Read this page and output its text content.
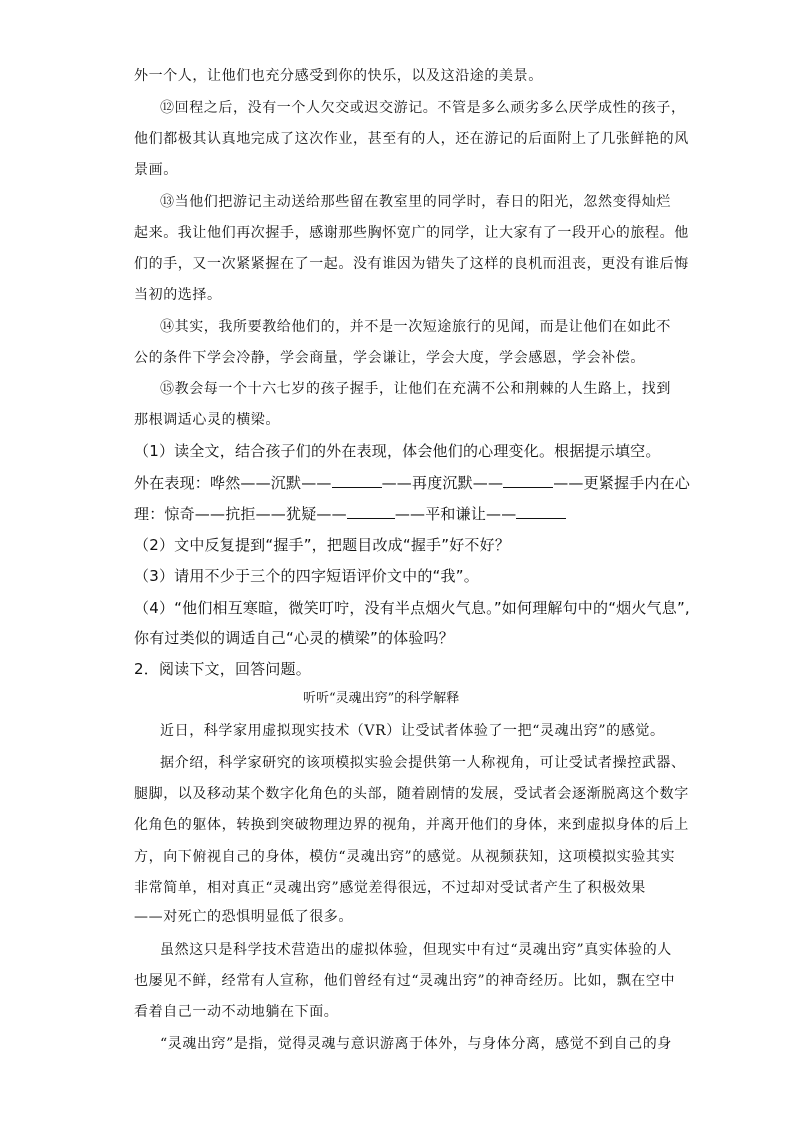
外一个人，让他们也充分感受到你的快乐，以及这沿途的美景。
⑫回程之后，没有一个人欠交或迟交游记。不管是多么顽劣多么厌学成性的孩子，
他们都极其认真地完成了这次作业，甚至有的人，还在游记的后面附上了几张鲜艳的风
景画。
⑬当他们把游记主动送给那些留在教室里的同学时，春日的阳光，忽然变得灿烂
起来。我让他们再次握手，感谢那些胸怀宽广的同学，让大家有了一段开心的旅程。他
们的手，又一次紧紧握在了一起。没有谁因为错失了这样的良机而沮丧，更没有谁后悔
当初的选择。
⑭其实，我所要教给他们的，并不是一次短途旅行的见闻，而是让他们在如此不
公的条件下学会冷静，学会商量，学会谦让，学会大度，学会感恩，学会补偿。
⑮教会每一个十六七岁的孩子握手，让他们在充满不公和荆棘的人生路上，找到
那根调适心灵的横梁。
（1）读全文，结合孩子们的外在表现，体会他们的心理变化。根据提示填空。
外在表现：哗然——沉默——	——再度沉默——	——更紧握手内在心
理：惊奇——抗拒——犹疑——	——平和谦让——
（2）文中反复提到“握手”，把题目改成“握手”好不好？
（3）请用不少于三个的四字短语评价文中的“我”。
（4）“他们相互寒暄，微笑叮咛，没有半点烟火气息。”如何理解句中的“烟火气息”,
你有过类似的调适自己“心灵的横梁”的体验吗？
2．阅读下文，回答问题。
听听“灵魂出窍”的科学解释
近日，科学家用虚拟现实技术（VR）让受试者体验了一把“灵魂出窍”的感觉。
据介绍，科学家研究的该项模拟实验会提供第一人称视角，可让受试者操控武器、
腿脚，以及移动某个数字化角色的头部，随着剧情的发展，受试者会逐渐脱离这个数字
化角色的躯体，转换到突破物理边界的视角，并离开他们的身体，来到虚拟身体的后上
方，向下俯视自己的身体，模仿“灵魂出窍”的感觉。从视频获知，这项模拟实验其实
非常简单，相对真正“灵魂出窍”感觉差得很远，不过却对受试者产生了积极效果
——对死亡的恐惧明显低了很多。
虽然这只是科学技术营造出的虚拟体验，但现实中有过“灵魂出窍”真实体验的人
也屡见不鲜，经常有人宣称，他们曾经有过“灵魂出窍”的神奇经历。比如，飘在空中
看着自己一动不动地躺在下面。
“灵魂出窍”是指，觉得灵魂与意识游离于体外，与身体分离，感觉不到自己的身
